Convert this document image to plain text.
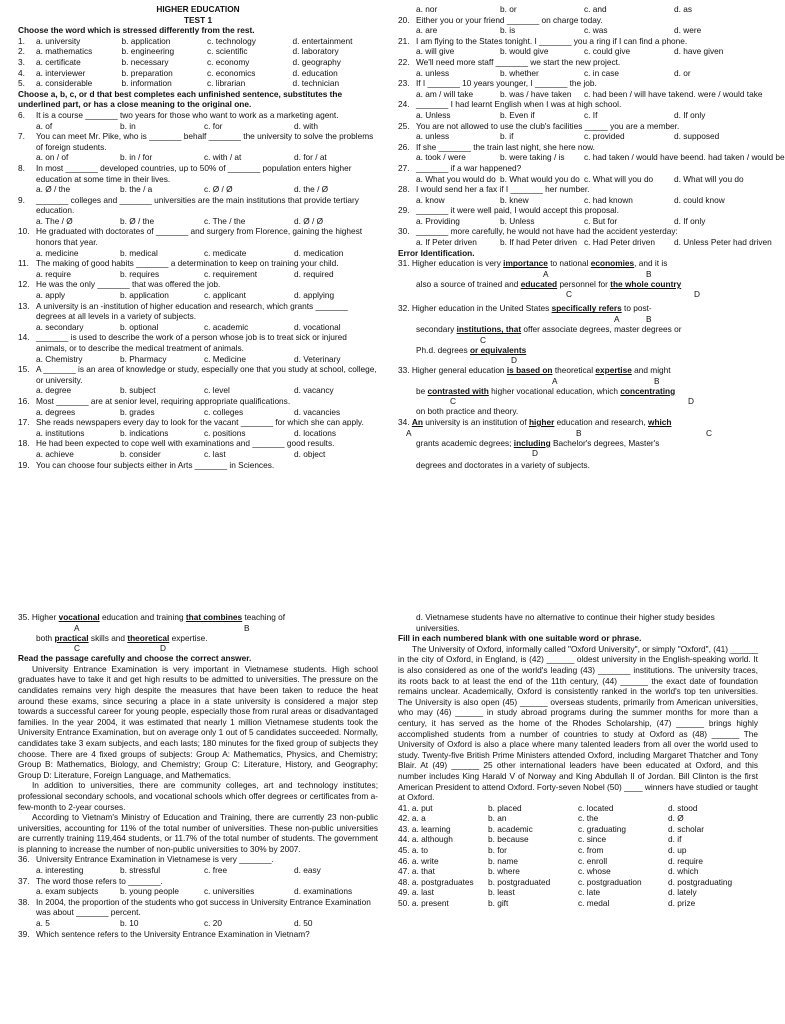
HIGHER EDUCATION
TEST 1
Choose the word which is stressed differently from the rest.
1.	a. university	b. application	c. technology	d. entertainment
2.	a. mathematics	b. engineering	c. scientific	d. laboratory
3.	a. certificate	b. necessary	c. economy	d. geography
4.	a. interviewer	b. preparation	c. economics	d. education
5.	a. considerable	b. information	c. librarian	d. technician
Choose a, b, c, or d that best completes each unfinished sentence, substitutes the underlined part, or has a close meaning to the original one.
6.	It is a course _______ two years for those who want to work as a marketing agent.
a. of	b. in	c. for	d. with
7.	You can meet Mr. Pike, who is _______ behalf _______ the university to solve the problems of foreign students.
a. on / of	b. in / for	c. with / at	d. for / at
8.	In most _______ developed countries, up to 50% of _______ population enters higher education at some time in their lives.
a. Ø / the	b. the / a	c. Ø / Ø	d. the / Ø
9.	_______ colleges and _______ universities are the main institutions that provide tertiary education.
a. The / Ø	b. Ø / the	c. The / the	d. Ø / Ø
10. He graduated with doctorates of _______ and surgery from Florence, gaining the highest honors that year.
a. medicine	b. medical	c. medicate	d. medication
11. The making of good habits _______ a determination to keep on training your child.
a. require	b. requires	c. requirement	d. required
12. He was the only _______ that was offered the job.
a. apply	b. application	c. applicant	d. applying
13. A university is an -institution of higher education and research, which grants _______ degrees at all levels in a variety of subjects.
a. secondary	b. optional	c. academic	d. vocational
14. _______ is used to describe the work of a person whose job is to treat sick or injured animals, or to describe the medical treatment of animals.
a. Chemistry	b. Pharmacy	c. Medicine	d. Veterinary
15. A _______ is an area of knowledge or study, especially one that you study at school, college, or university.
a. degree	b. subject	c. level	d. vacancy
16. Most _______ are at senior level, requiring appropriate qualifications.
a. degrees	b. grades	c. colleges	d. vacancies
17. She reads newspapers every day to look for the vacant _______ for which she can apply.
a. institutions	b. indications	c. positions	d. locations
18. He had been expected to cope well with examinations and _______ good results.
a. achieve	b. consider	c. last	d. object
19. You can choose four subjects either in Arts _______ in Sciences.
a. nor	b. or	c. and	d. as
20. Either you or your friend _______ on charge today.
a. are	b. is	c. was	d. were
21. I am flying to the States tonight. I _______ you a ring if I can find a phone.
a. will give	b. would give	c. could give	d. have given
22. We'll need more staff _______ we start the new project.
a. unless	b. whether	c. in case	d. or
23. If I _______ 10 years younger, I _______ the job.
a. am / will take	b. was / have taken	c. had been / will have taken d. were / would take
24. _______ I had learnt English when I was at high school.
a. Unless	b. Even if	c. If	d. If only
25. You are not allowed to use the club's facilities _____ you are a member.
a. unless	b. if	c. provided	d. supposed
26. If she _______ the train last night, she here now.
a. took / were	b. were taking / is	c. had taken / would have been d. had taken / would be
27. _______ if a war happened?
a. What you would do b. What would you do c. What will you do	d. What will you do
28. I would send her a fax if I _______ her number.
a. know	b. knew	c. had known	d. could know
29. _______ it were well paid, I would accept this proposal.
a. Providing	b. Unless	c. But for	d. If only
30. _______ more carefully, he would not have had the accident yesterday:
a. If Peter driven	b. If had Peter driven c. Had Peter driven	d. Unless Peter had driven
Error Identification.
31. Higher education is very importance to national economies, and it is
A	B
also a source of trained and educated personnel for the whole country
C	D
32. Higher education in the United States specifically refers to post-
A	B
secondary institutions, that offer associate degrees, master degrees or
C
Ph.d. degrees or equivalents
D
33. Higher general education is based on theoretical expertise and might
A	B
be contrasted with higher vocational education, which concentrating
C	D
on both practice and theory.
34. An university is an institution of higher education and research, which
A	B	C
grants academic degrees; including Bachelor's degrees, Master's
D
degrees and doctorates in a variety of subjects.
35. Higher vocational education and training that combines teaching of
A	B
both practical skills and theoretical expertise.
C	D
Read the passage carefully and choose the correct answer.
University Entrance Examination is very important in Vietnamese students. High school graduates have to take it and get high results to be admitted to universities. The pressure on the candidates remains very high despite the measures that have been taken to reduce the heat around these exams, since securing a place in a state university is considered a major step towards a successful career for young people, especially those from rural areas or disadvantaged families. In the year 2004, it was estimated that nearly 1 million Vietnamese students took the University Entrance Examination, but on average only 1 out of 5 candidates succeeded. Normally, candidates take 3 exam subjects, and each lasts; 180 minutes for the fixed group of subjects they choose. There are 4 fixed groups of subjects: Group A: Mathematics, Physics, and Chemistry; Group B: Mathematics, Biology, and Chemistry; Group C: Literature, History, and Geography; Group D: Literature, Foreign Language, and Mathematics.
In addition to universities, there are community colleges, art and technology institutes; professional secondary schools, and vocational schools which offer degrees or certificates from a-few-month to 2-year courses.
According to Vietnam's Ministry of Education and Training, there are currently 23 non-public universities, accounting for 11% of the total number of universities. These non-public universities are currently training 119,464 students, or 11.7% of the total number of students. The government is planning to increase the number of non-public universities to 30% by 2007.
36. University Entrance Examination in Vietnamese is very _______.
a. interesting	b. stressful	c. free	d. easy
37. The word those refers to _______.
a. exam subjects	b. young people	c. universities	d. examinations
38. In 2004, the proportion of the students who got success in University Entrance Examination was about _______ percent.
a. 5	b. 10	c. 20	d. 50
39. Which sentence refers to the University Entrance Examination in Vietnam?
d. Vietnamese students have no alternative to continue their higher study besides universities.
Fill in each numbered blank with one suitable word or phrase.
The University of Oxford, informally called "Oxford University", or simply "Oxford", (41) ______ in the city of Oxford, in England, is (42) ______ oldest university in the English-speaking world. It is also considered as one of the world's leading (43) _______ institutions. The university traces, its roots back to at least the end of the 11th century, (44) ______ the exact date of foundation remains unclear. Academically, Oxford is consistently ranked in the world's top ten universities. The University is also open (45) ______ overseas students, primarily from American universities, who may (46) ______ in study abroad programs during the summer months for more than a century, it has served as the home of the Rhodes Scholarship, (47) ______ brings highly accomplished students from a number of countries to study at Oxford as (48) ______ The University of Oxford is also a place where many talented leaders from all over the world used to study. Twenty-five British Prime Ministers attended Oxford, including Margaret Thatcher and Tony Blair. At (49) ______ 25 other international leaders have been educated at Oxford, and this number includes King Harald V of Norway and King Abdullah II of Jordan. Bill Clinton is the first American President to attend Oxford. Forty-seven Nobel (50) ____ winners have studied or taught at Oxford.
41. a. put	b. placed	c. located	d. stood
42. a. a	b. an	c. the	d. Ø
43. a. learning	b. academic	c. graduating	d. scholar
44. a. although	b. because	c. since	d. if
45. a. to	b. for	c. from	d. up
46. a. write	b. name	c. enroll	d. require
47. a. that	b. where	c. whose	d. which
48. a. postgraduates	b. postgraduated	c. postgraduation	d. postgraduating
49. a. last	b. least	c. late	d. lately
50. a. present	b. gift	c. medal	d. prize
